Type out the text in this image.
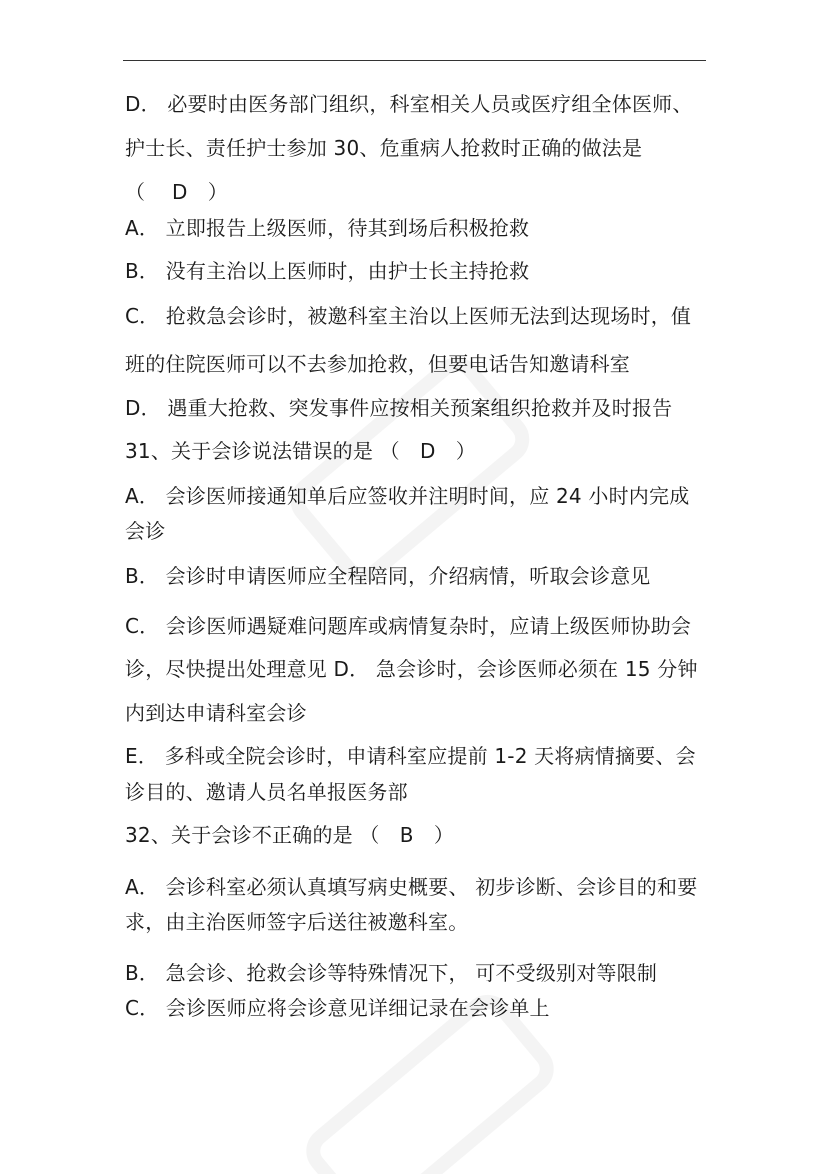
D． 必要时由医务部门组织，科室相关人员或医疗组全体医师、
护士长、责任护士参加 30、危重病人抢救时正确的做法是
（　 D　）
A． 立即报告上级医师，待其到场后积极抢救
B． 没有主治以上医师时，由护士长主持抢救
C． 抢救急会诊时，被邀科室主治以上医师无法到达现场时，值
班的住院医师可以不去参加抢救，但要电话告知邀请科室
D． 遇重大抢救、突发事件应按相关预案组织抢救并及时报告
31、关于会诊说法错误的是 （　D　）
A． 会诊医师接通知单后应签收并注明时间，应 24 小时内完成
会诊
B． 会诊时申请医师应全程陪同，介绍病情，听取会诊意见
C． 会诊医师遇疑难问题库或病情复杂时，应请上级医师协助会
诊，尽快提出处理意见 D． 急会诊时，会诊医师必须在 15 分钟
内到达申请科室会诊
E． 多科或全院会诊时，申请科室应提前 1-2 天将病情摘要、会
诊目的、邀请人员名单报医务部
32、关于会诊不正确的是 （　B　）
A． 会诊科室必须认真填写病史概要、 初步诊断、会诊目的和要
求，由主治医师签字后送往被邀科室。
B． 急会诊、抢救会诊等特殊情况下， 可不受级别对等限制
C． 会诊医师应将会诊意见详细记录在会诊单上
